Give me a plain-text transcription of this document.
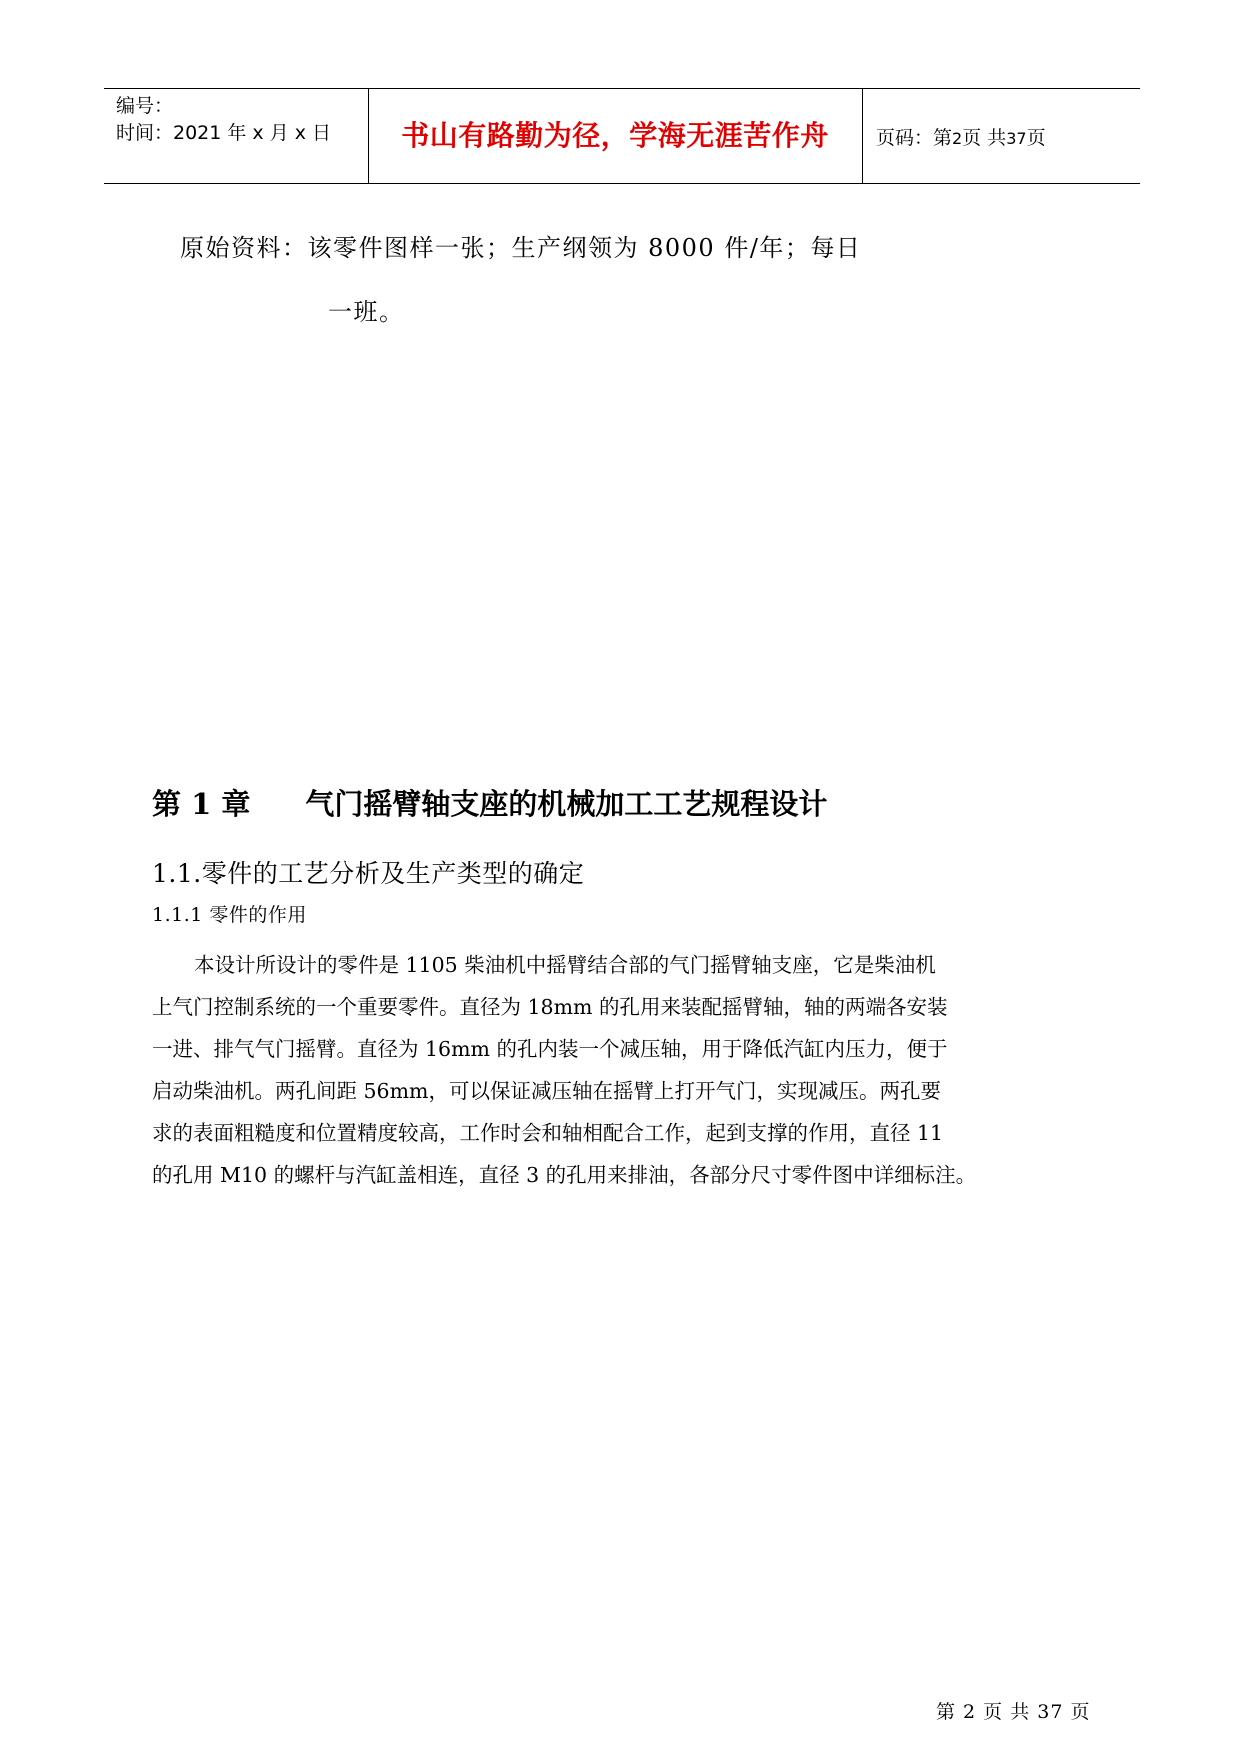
编号：
时间：2021 年 x 月 x 日	书山有路勤为径，学海无涯苦作舟	页码：第2页 共37页
原始资料：该零件图样一张；生产纲领为 8000 件/年；每日
一班。
第 1 章 气门摇臂轴支座的机械加工工艺规程设计
1.1.零件的工艺分析及生产类型的确定
1.1.1 零件的作用
本设计所设计的零件是 1105 柴油机中摇臂结合部的气门摇臂轴支座，它是柴油机
上气门控制系统的一个重要零件。直径为 18mm 的孔用来装配摇臂轴，轴的两端各安装
一进、排气气门摇臂。直径为 16mm 的孔内装一个减压轴，用于降低汽缸内压力，便于
启动柴油机。两孔间距 56mm，可以保证减压轴在摇臂上打开气门，实现减压。两孔要
求的表面粗糙度和位置精度较高，工作时会和轴相配合工作，起到支撑的作用，直径 11
的孔用 M10 的螺杆与汽缸盖相连，直径 3 的孔用来排油，各部分尺寸零件图中详细标注。
第 2 页 共 37 页
